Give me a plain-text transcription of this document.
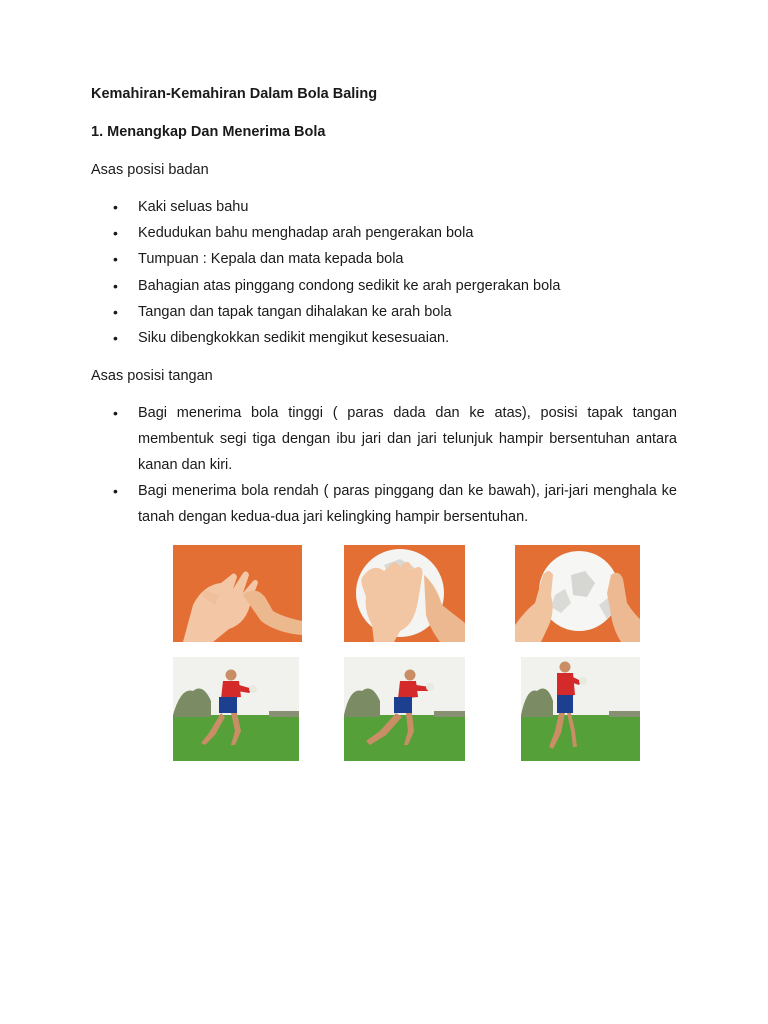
Kemahiran-Kemahiran Dalam Bola Baling
1. Menangkap Dan Menerima Bola
Asas posisi badan
• Kaki seluas bahu
• Kedudukan bahu menghadap arah pengerakan bola
• Tumpuan : Kepala dan mata kepada bola
• Bahagian atas pinggang condong sedikit ke arah pergerakan bola
• Tangan dan tapak tangan dihalakan ke arah bola
• Siku dibengkokkan sedikit mengikut kesesuaian.
Asas posisi tangan
• Bagi menerima bola tinggi ( paras dada dan ke atas), posisi tapak tangan membentuk segi tiga dengan ibu jari dan jari telunjuk hampir bersentuhan antara kanan dan kiri.
• Bagi menerima bola rendah ( paras pinggang dan ke bawah), jari-jari menghala ke tanah dengan kedua-dua jari kelingking hampir bersentuhan.
